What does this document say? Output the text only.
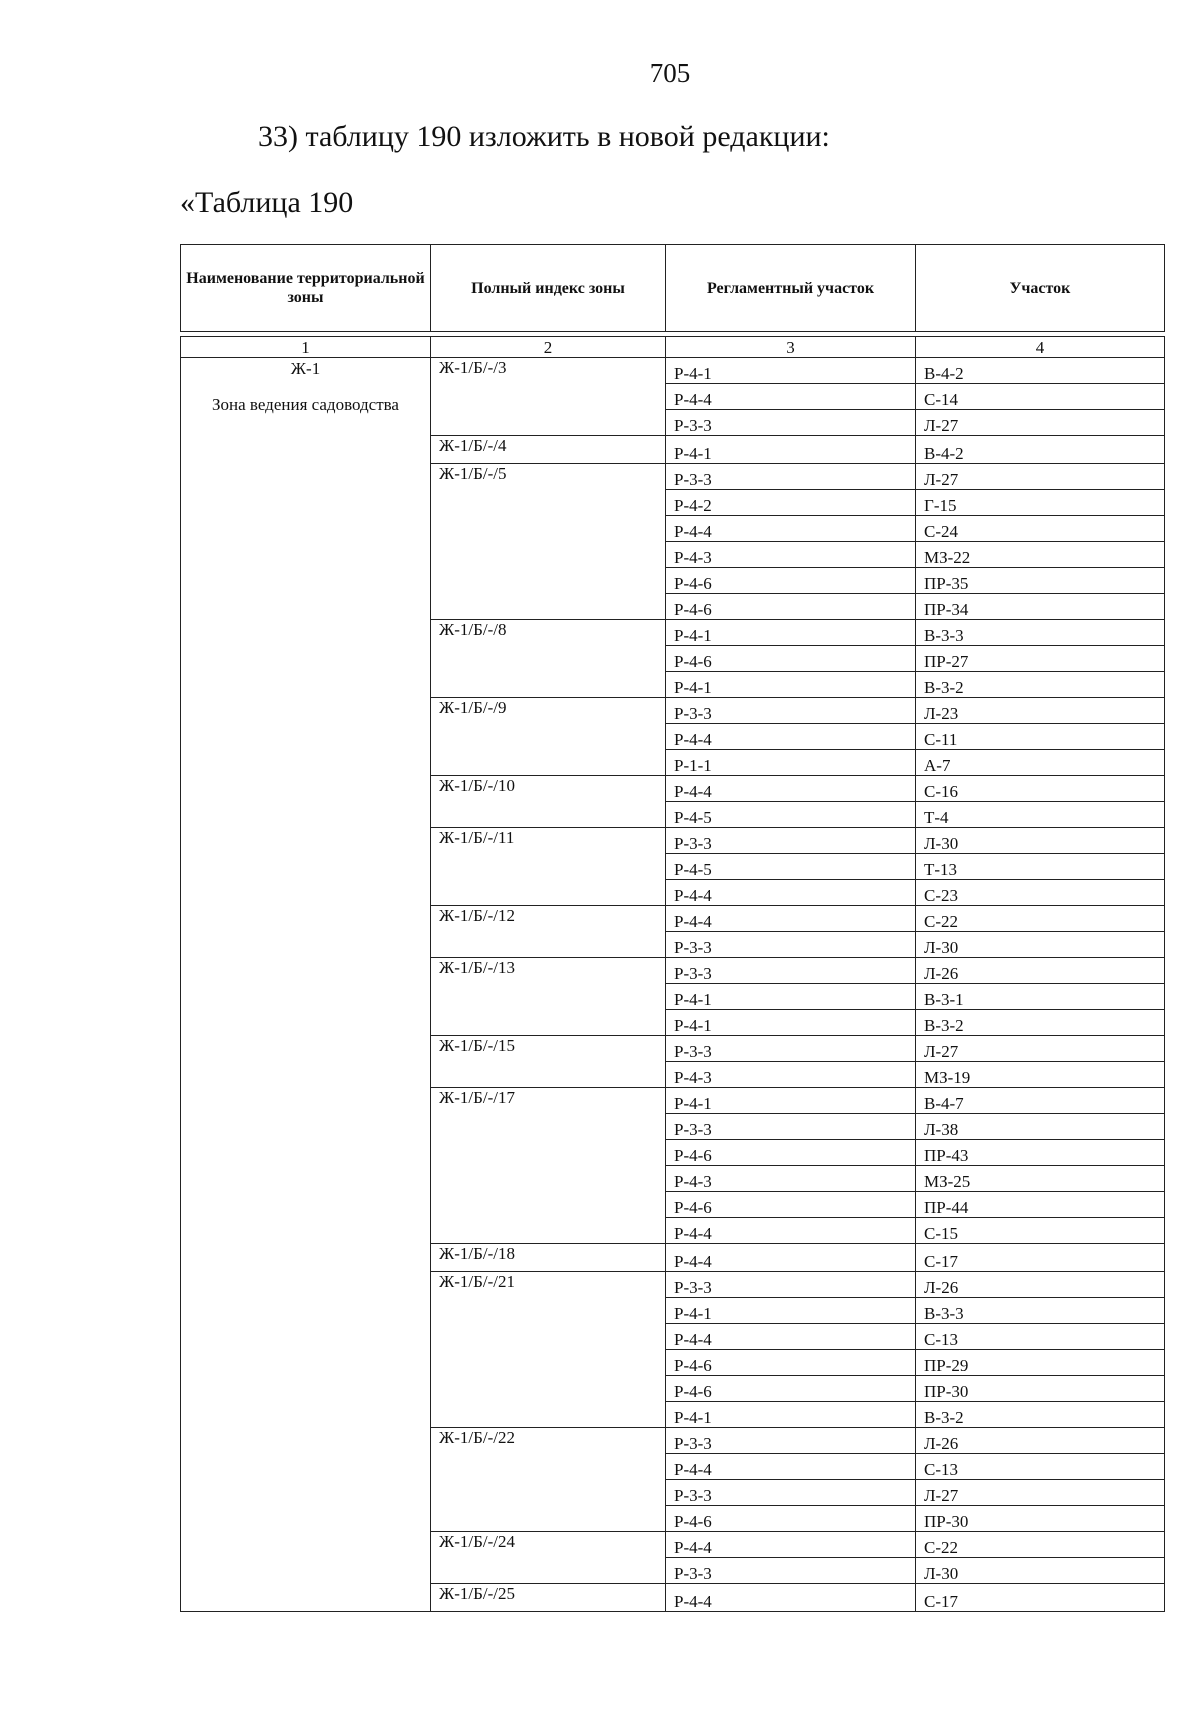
705
33) таблицу 190 изложить в новой редакции:
«Таблица 190
Наименование территориальной зоны	Полный индекс зоны	Регламентный участок	Участок
1	2	3	4

Ж-1
Зона ведения садоводства	Ж-1/Б/-/3	Р-4-1	В-4-2
		Р-4-4	С-14
		Р-3-3	Л-27
	Ж-1/Б/-/4	Р-4-1	В-4-2
	Ж-1/Б/-/5	Р-3-3	Л-27
		Р-4-2	Г-15
		Р-4-4	С-24
		Р-4-3	МЗ-22
		Р-4-6	ПР-35
		Р-4-6	ПР-34
	Ж-1/Б/-/8	Р-4-1	В-3-3
		Р-4-6	ПР-27
		Р-4-1	В-3-2
	Ж-1/Б/-/9	Р-3-3	Л-23
		Р-4-4	С-11
		Р-1-1	А-7
	Ж-1/Б/-/10	Р-4-4	С-16
		Р-4-5	Т-4
	Ж-1/Б/-/11	Р-3-3	Л-30
		Р-4-5	Т-13
		Р-4-4	С-23
	Ж-1/Б/-/12	Р-4-4	С-22
		Р-3-3	Л-30
	Ж-1/Б/-/13	Р-3-3	Л-26
		Р-4-1	В-3-1
		Р-4-1	В-3-2
	Ж-1/Б/-/15	Р-3-3	Л-27
		Р-4-3	МЗ-19
	Ж-1/Б/-/17	Р-4-1	В-4-7
		Р-3-3	Л-38
		Р-4-6	ПР-43
		Р-4-3	МЗ-25
		Р-4-6	ПР-44
		Р-4-4	С-15
	Ж-1/Б/-/18	Р-4-4	С-17
	Ж-1/Б/-/21	Р-3-3	Л-26
		Р-4-1	В-3-3
		Р-4-4	С-13
		Р-4-6	ПР-29
		Р-4-6	ПР-30
		Р-4-1	В-3-2
	Ж-1/Б/-/22	Р-3-3	Л-26
		Р-4-4	С-13
		Р-3-3	Л-27
		Р-4-6	ПР-30
	Ж-1/Б/-/24	Р-4-4	С-22
		Р-3-3	Л-30
	Ж-1/Б/-/25	Р-4-4	С-17
